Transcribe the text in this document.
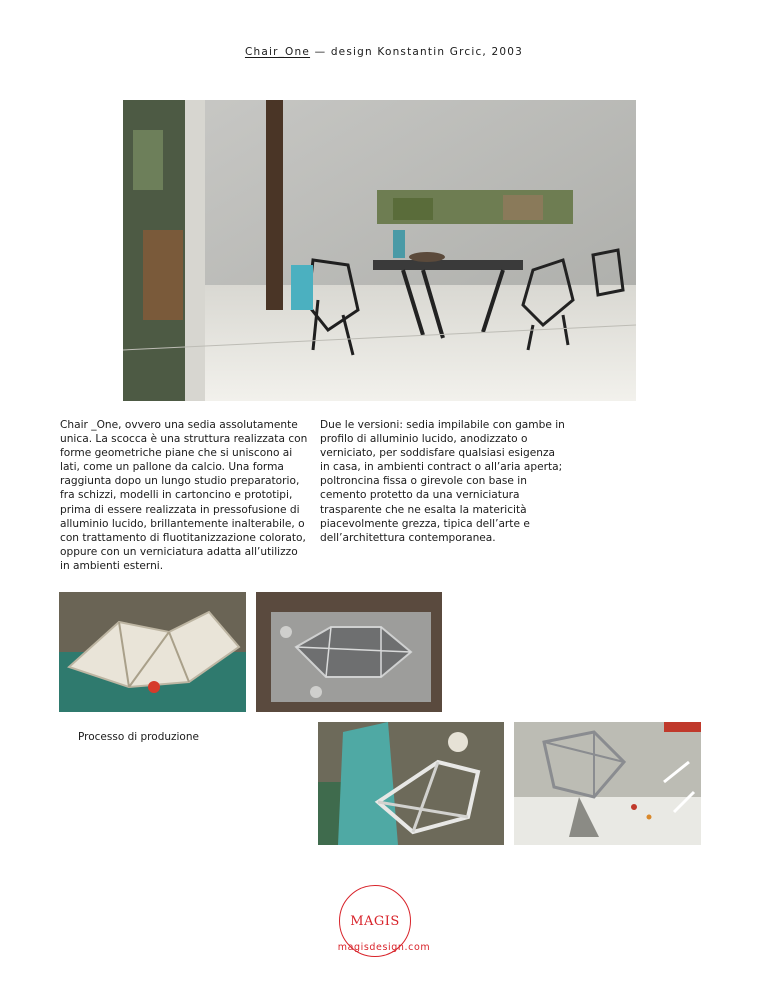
Chair_One — design Konstantin Grcic, 2003

Chair _One, ovvero una sedia assolutamente unica. La scocca è una struttura realizzata con forme geometriche piane che si uniscono ai lati, come un pallone da calcio. Una forma raggiunta dopo un lungo studio preparatorio, fra schizzi, modelli in cartoncino e prototipi, prima di essere realizzata in pressofusione di alluminio lucido, brillantemente inalterabile, o con trattamento di fluotitanizzazione colorato, oppure con un verniciatura adatta all’utilizzo in ambienti esterni.

Due le versioni: sedia impilabile con gambe in profilo di alluminio lucido, anodizzato o verniciato, per soddisfare qualsiasi esigenza in casa, in ambienti contract o all’aria aperta; poltroncina fissa o girevole con base in cemento protetto da una verniciatura trasparente che ne esalta la matericità piacevolmente grezza, tipica dell’arte e dell’architettura contemporanea.

Processo di produzione
MAGIS
magisdesign.com
